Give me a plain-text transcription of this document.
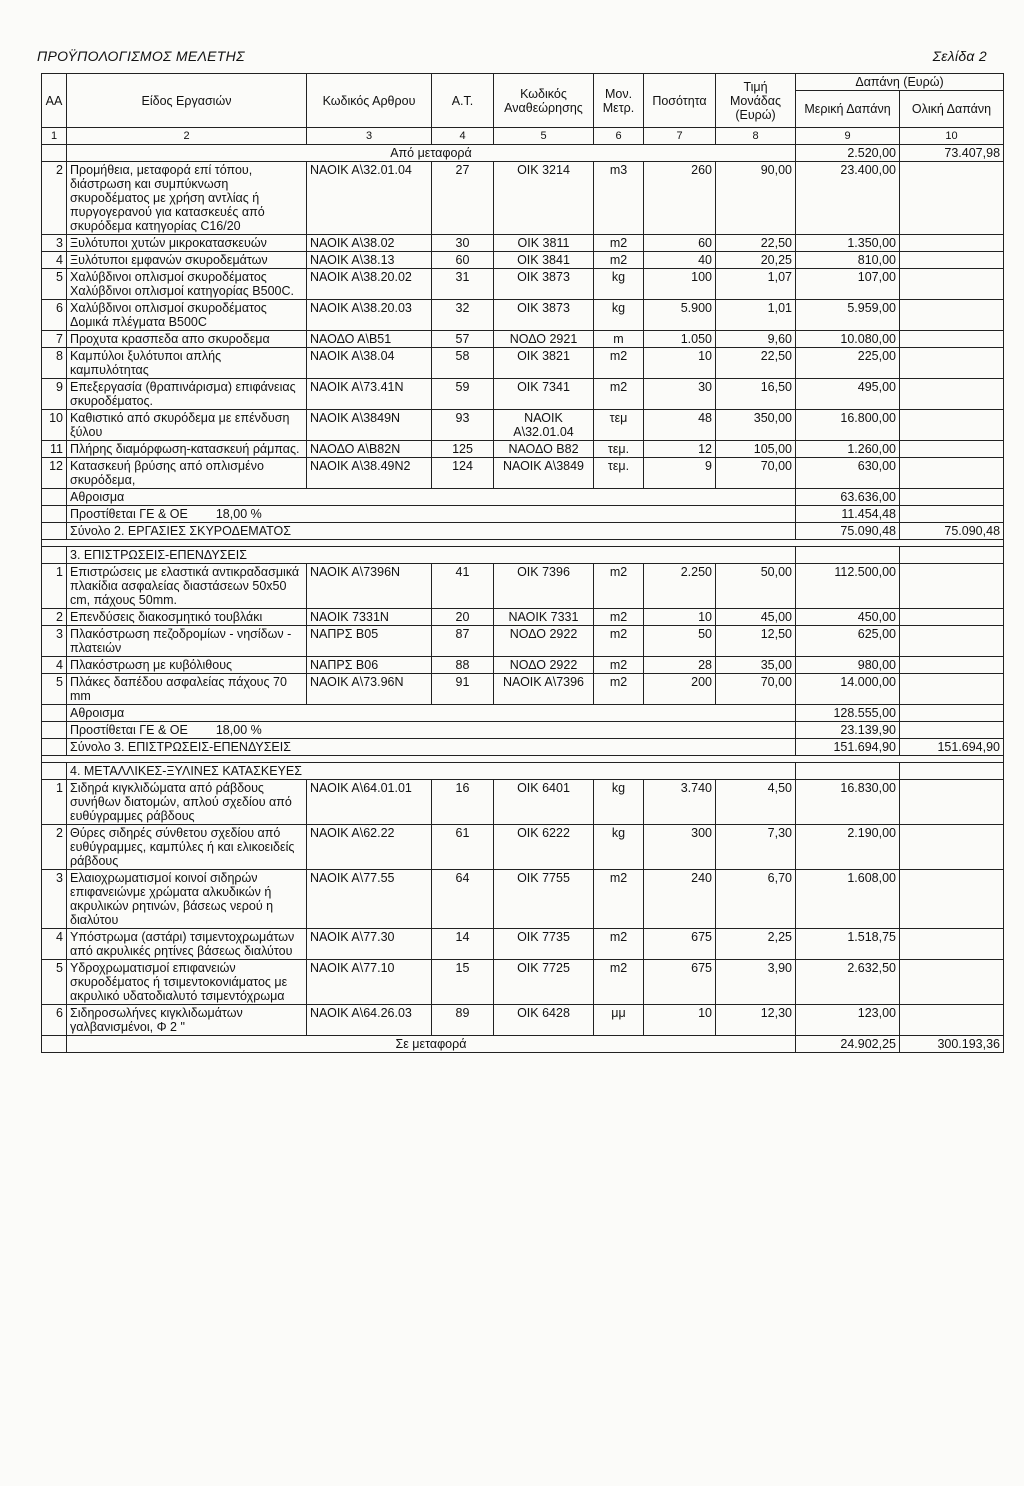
ΠΡΟΫΠΟΛΟΓΙΣΜΟΣ ΜΕΛΕΤΗΣ	Σελίδα 2
ΑΑ	Είδος Εργασιών	Κωδικός Αρθρου	Α.Τ.	Κωδικός Αναθεώρησης	Μον. Μετρ.	Ποσότητα	Τιμή Μονάδας (Ευρώ)	Δαπάνη (Ευρώ)	
								Μερική Δαπάνη	Ολική Δαπάνη
1	2	3	4	5	6	7	8	9	10
	Από μεταφορά							2.520,00	73.407,98
2	Προμήθεια, μεταφορά επί τόπου, διάστρωση και συμπύκνωση σκυροδέματος με χρήση αντλίας ή πυργογερανού για κατασκευές από σκυρόδεμα κατηγορίας C16/20	ΝΑΟΙΚ Α\32.01.04	27	ΟΙΚ 3214	m3	260	90,00	23.400,00	
3	Ξυλότυποι χυτών μικροκατασκευών	ΝΑΟΙΚ Α\38.02	30	ΟΙΚ 3811	m2	60	22,50	1.350,00	
4	Ξυλότυποι εμφανών σκυροδεμάτων	ΝΑΟΙΚ Α\38.13	60	ΟΙΚ 3841	m2	40	20,25	810,00	
5	Χαλύβδινοι οπλισμοί σκυροδέματος Χαλύβδινοι οπλισμοί κατηγορίας B500C.	ΝΑΟΙΚ Α\38.20.02	31	ΟΙΚ 3873	kg	100	1,07	107,00	
6	Χαλύβδινοι οπλισμοί σκυροδέματος Δομικά πλέγματα B500C	ΝΑΟΙΚ Α\38.20.03	32	ΟΙΚ 3873	kg	5.900	1,01	5.959,00	
7	Προχυτα κρασπεδα απο σκυροδεμα	ΝΑΟΔΟ Α\Β51	57	ΝΟΔΟ 2921	m	1.050	9,60	10.080,00	
8	Καμπύλοι ξυλότυποι απλής καμπυλότητας	ΝΑΟΙΚ Α\38.04	58	ΟΙΚ 3821	m2	10	22,50	225,00	
9	Επεξεργασία (θραπινάρισμα) επιφάνειας σκυροδέματος.	ΝΑΟΙΚ Α\73.41Ν	59	ΟΙΚ 7341	m2	30	16,50	495,00	
10	Καθιστικό από σκυρόδεμα με επένδυση ξύλου	ΝΑΟΙΚ Α\3849Ν	93	ΝΑΟΙΚ Α\32.01.04	τεμ	48	350,00	16.800,00	
11	Πλήρης διαμόρφωση-κατασκευή ράμπας.	ΝΑΟΔΟ Α\Β82Ν	125	ΝΑΟΔΟ Β82	τεμ.	12	105,00	1.260,00	
12	Κατασκευή βρύσης από οπλισμένο σκυρόδεμα,	ΝΑΟΙΚ Α\38.49Ν2	124	ΝΑΟΙΚ Α\3849	τεμ.	9	70,00	630,00	
	Αθροισμα							63.636,00	
	Προστίθεται ΓΕ & ΟΕ 18,00 %							11.454,48	
	Σύνολο 2. ΕΡΓΑΣΙΕΣ ΣΚΥΡΟΔΕΜΑΤΟΣ							75.090,48	75.090,48

	3. ΕΠΙΣΤΡΩΣΕΙΣ-ΕΠΕΝΔΥΣΕΙΣ								
1	Επιστρώσεις με ελαστικά αντικραδασμικά πλακίδια ασφαλείας διαστάσεων 50x50 cm, πάχους 50mm.	ΝΑΟΙΚ Α\7396Ν	41	ΟΙΚ 7396	m2	2.250	50,00	112.500,00	
2	Επενδύσεις διακοσμητικό τουβλάκι	ΝΑΟΙΚ 7331Ν	20	ΝΑΟΙΚ 7331	m2	10	45,00	450,00	
3	Πλακόστρωση πεζοδρομίων - νησίδων - πλατειών	ΝΑΠΡΣ Β05	87	ΝΟΔΟ 2922	m2	50	12,50	625,00	
4	Πλακόστρωση με κυβόλιθους	ΝΑΠΡΣ Β06	88	ΝΟΔΟ 2922	m2	28	35,00	980,00	
5	Πλάκες δαπέδου ασφαλείας πάχους 70 mm	ΝΑΟΙΚ Α\73.96Ν	91	ΝΑΟΙΚ Α\7396	m2	200	70,00	14.000,00	
	Αθροισμα							128.555,00	
	Προστίθεται ΓΕ & ΟΕ 18,00 %							23.139,90	
	Σύνολο 3. ΕΠΙΣΤΡΩΣΕΙΣ-ΕΠΕΝΔΥΣΕΙΣ							151.694,90	151.694,90

	4. ΜΕΤΑΛΛΙΚΕΣ-ΞΥΛΙΝΕΣ ΚΑΤΑΣΚΕΥΕΣ								
1	Σιδηρά κιγκλιδώματα από ράβδους συνήθων διατομών, απλού σχεδίου από ευθύγραμμες ράβδους	ΝΑΟΙΚ Α\64.01.01	16	ΟΙΚ 6401	kg	3.740	4,50	16.830,00	
2	Θύρες σιδηρές σύνθετου σχεδίου από ευθύγραμμες, καμπύλες ή και ελικοειδείς ράβδους	ΝΑΟΙΚ Α\62.22	61	ΟΙΚ 6222	kg	300	7,30	2.190,00	
3	Ελαιοχρωματισμοί κοινοί σιδηρών επιφανειώνμε χρώματα αλκυδικών ή ακρυλικών ρητινών, βάσεως νερού η διαλύτου	ΝΑΟΙΚ Α\77.55	64	ΟΙΚ 7755	m2	240	6,70	1.608,00	
4	Υπόστρωμα (αστάρι) τσιμεντοχρωμάτων από ακρυλικές ρητίνες βάσεως διαλύτου	ΝΑΟΙΚ Α\77.30	14	ΟΙΚ 7735	m2	675	2,25	1.518,75	
5	Υδροχρωματισμοί επιφανειών σκυροδέματος ή τσιμεντοκονιάματος με ακρυλικό υδατοδιαλυτό τσιμεντόχρωμα	ΝΑΟΙΚ Α\77.10	15	ΟΙΚ 7725	m2	675	3,90	2.632,50	
6	Σιδηροσωλήνες κιγκλιδωμάτων γαλβανισμένοι, Φ 2 "	ΝΑΟΙΚ Α\64.26.03	89	ΟΙΚ 6428	μμ	10	12,30	123,00	
	Σε μεταφορά							24.902,25	300.193,36
